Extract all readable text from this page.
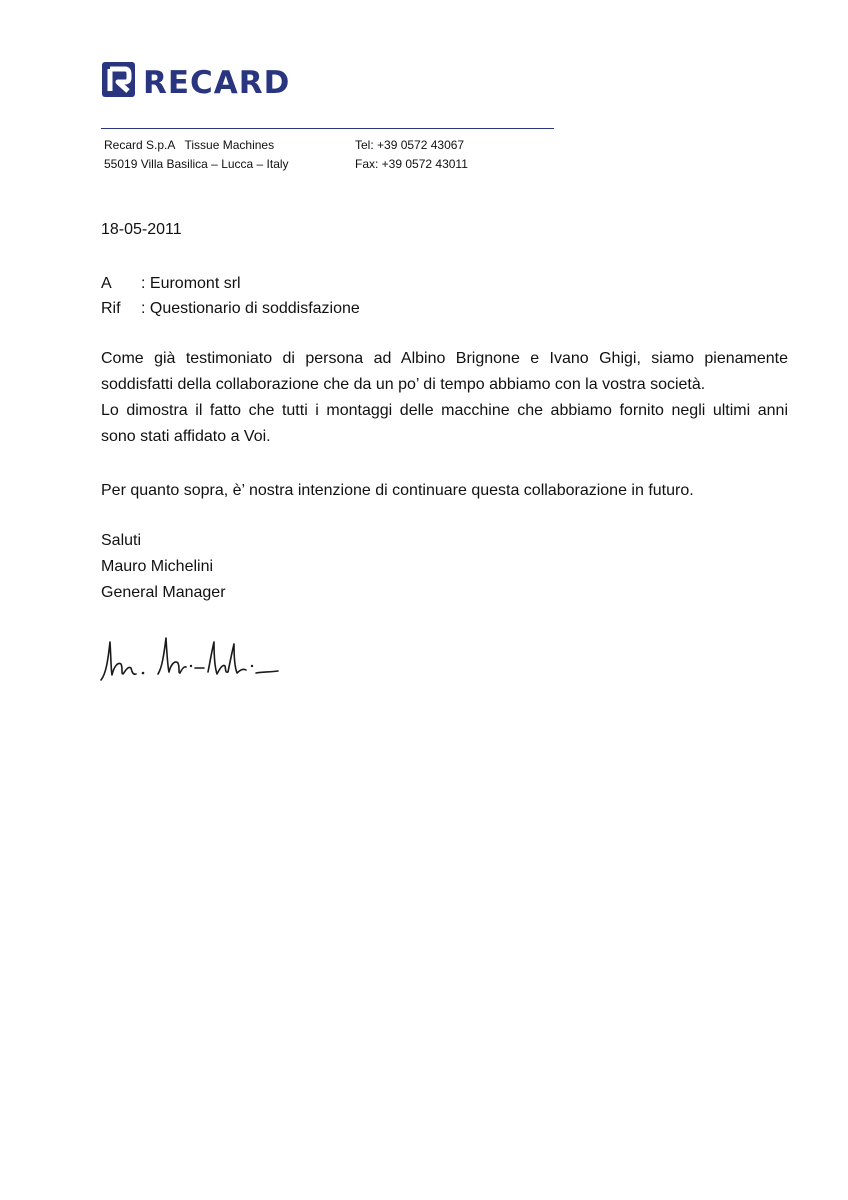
RECARD
Recard S.p.A   Tissue Machines
55019 Villa Basilica – Lucca – Italy
Tel: +39 0572 43067
Fax: +39 0572 43011
18-05-2011
A	: Euromont srl
Rif	: Questionario di soddisfazione

Come già testimoniato di persona ad Albino Brignone e Ivano Ghigi, siamo pienamente

soddisfatti della collaborazione che da un po’ di tempo abbiamo con la vostra società.

Lo dimostra il fatto che tutti i montaggi delle macchine che abbiamo fornito negli ultimi anni

sono stati affidato a Voi.

Per quanto sopra, è’ nostra intenzione di continuare questa collaborazione in futuro.
Saluti
Mauro Michelini
General Manager
